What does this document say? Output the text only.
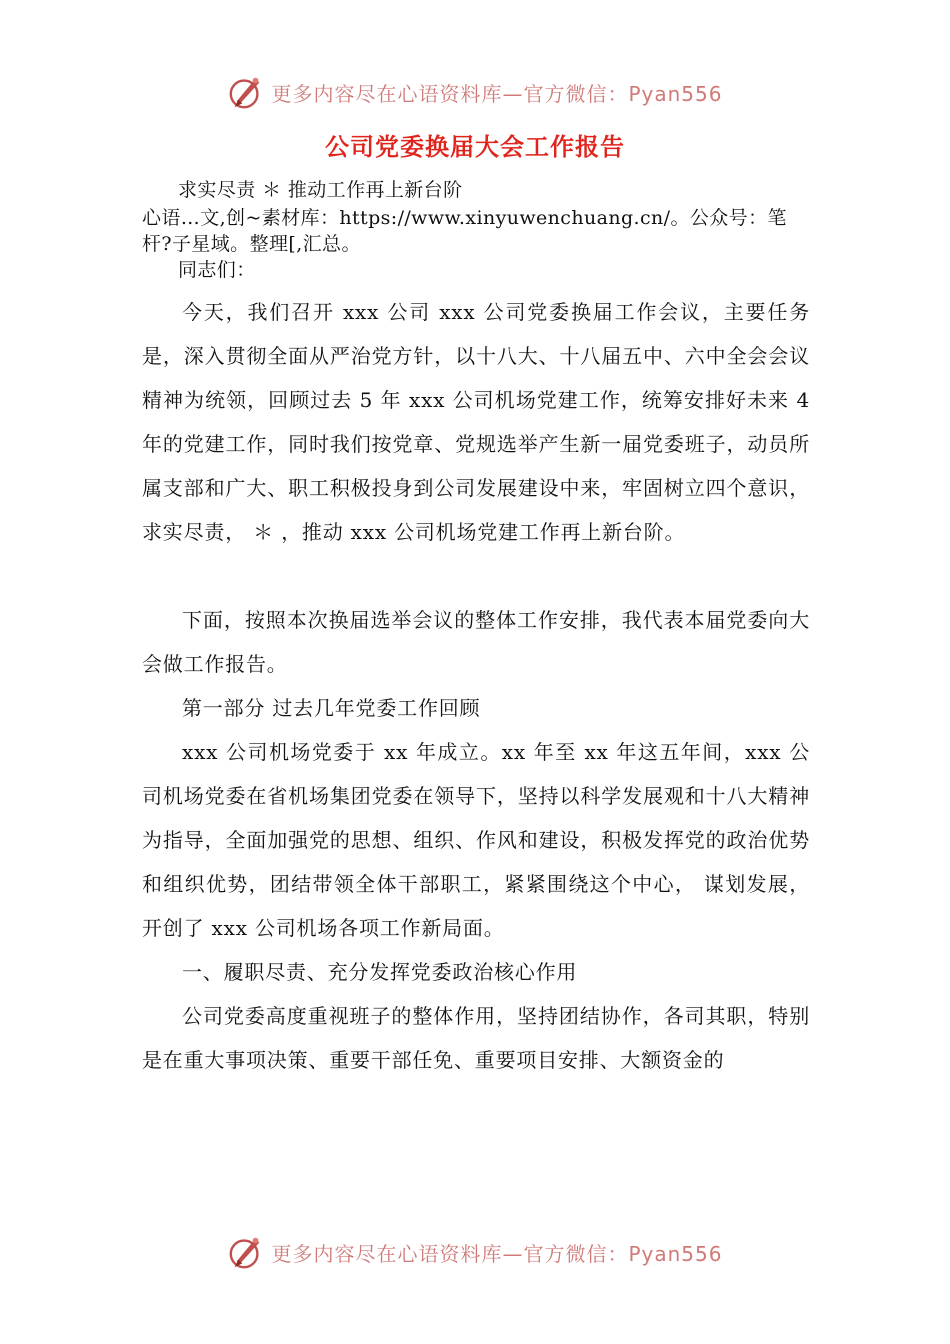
更多内容尽在心语资料库—官方微信：Pyan556
公司党委换届大会工作报告
求实尽责 ＊ 推动工作再上新台阶
心语…文,创~素材库：https://www.xinyuwenchuang.cn/。公众号：笔
杆?子星域。整理[,汇总。
同志们：

今天，我们召开 xxx 公司 xxx 公司党委换届工作会议，主要任务是，深入贯彻全面从严治党方针，以十八大、十八届五中、六中全会会议精神为统领，回顾过去 5 年 xxx 公司机场党建工作，统筹安排好未来 4 年的党建工作，同时我们按党章、党规选举产生新一届党委班子，动员所属支部和广大、职工积极投身到公司发展建设中来，牢固树立四个意识，求实尽责， ＊ ，推动 xxx 公司机场党建工作再上新台阶。

下面，按照本次换届选举会议的整体工作安排，我代表本届党委向大会做工作报告。

第一部分 过去几年党委工作回顾

xxx 公司机场党委于 xx 年成立。xx 年至 xx 年这五年间，xxx 公司机场党委在省机场集团党委在领导下，坚持以科学发展观和十八大精神为指导，全面加强党的思想、组织、作风和建设，积极发挥党的政治优势和组织优势，团结带领全体干部职工，紧紧围绕这个中心， 谋划发展，开创了 xxx 公司机场各项工作新局面。

一、履职尽责、充分发挥党委政治核心作用

公司党委高度重视班子的整体作用，坚持团结协作，各司其职，特别是在重大事项决策、重要干部任免、重要项目安排、大额资金的

更多内容尽在心语资料库—官方微信：Pyan556
